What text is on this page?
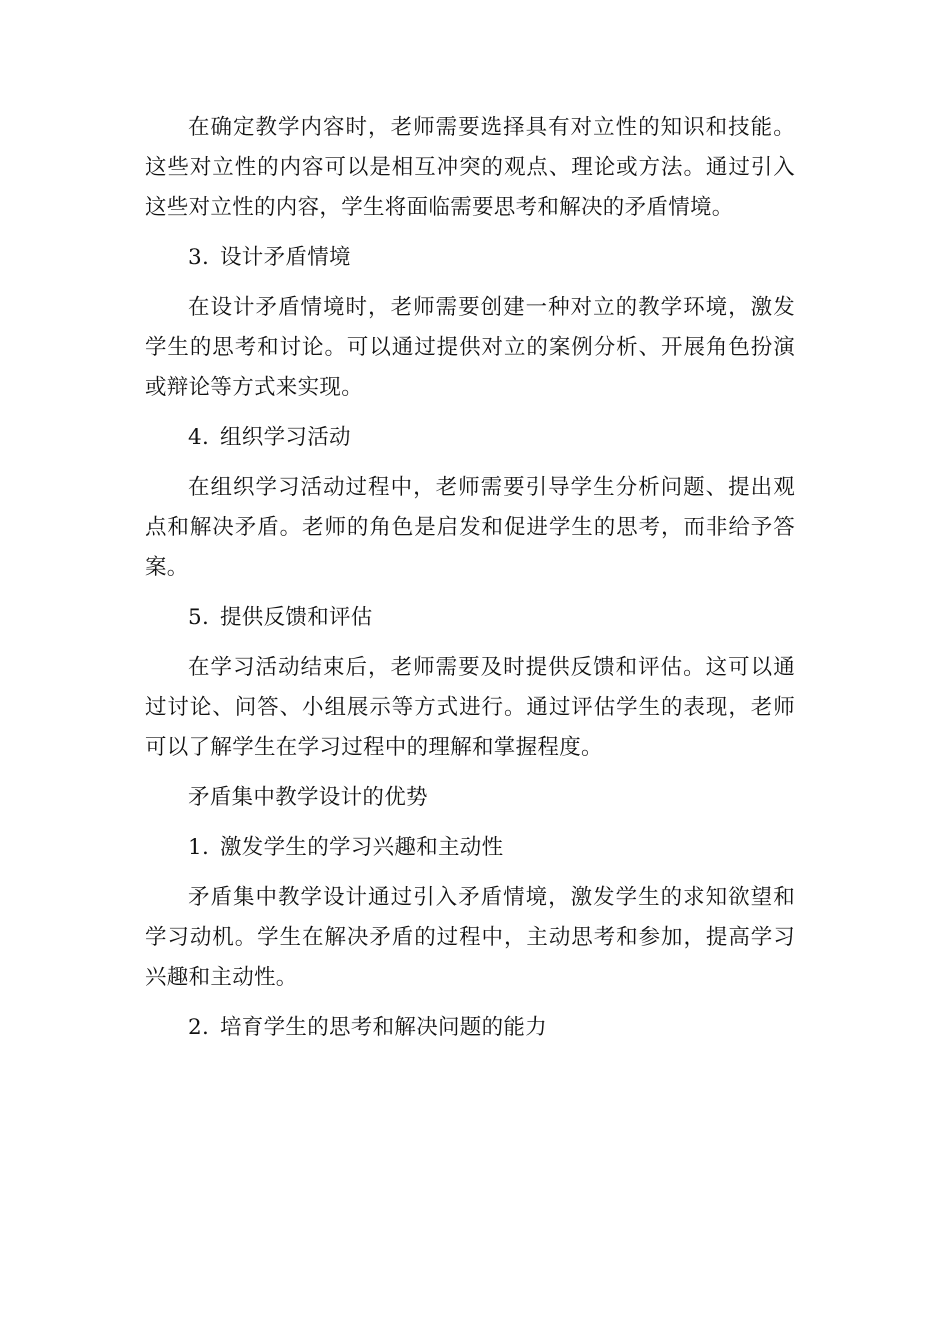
在确定教学内容时，老师需要选择具有对立性的知识和技能。这些对立性的内容可以是相互冲突的观点、理论或方法。通过引入这些对立性的内容，学生将面临需要思考和解决的矛盾情境。

3. 设计矛盾情境

在设计矛盾情境时，老师需要创建一种对立的教学环境，激发学生的思考和讨论。可以通过提供对立的案例分析、开展角色扮演或辩论等方式来实现。

4. 组织学习活动

在组织学习活动过程中，老师需要引导学生分析问题、提出观点和解决矛盾。老师的角色是启发和促进学生的思考，而非给予答案。

5. 提供反馈和评估

在学习活动结束后，老师需要及时提供反馈和评估。这可以通过讨论、问答、小组展示等方式进行。通过评估学生的表现，老师可以了解学生在学习过程中的理解和掌握程度。

矛盾集中教学设计的优势

1. 激发学生的学习兴趣和主动性

矛盾集中教学设计通过引入矛盾情境，激发学生的求知欲望和学习动机。学生在解决矛盾的过程中，主动思考和参加，提高学习兴趣和主动性。

2. 培育学生的思考和解决问题的能力
